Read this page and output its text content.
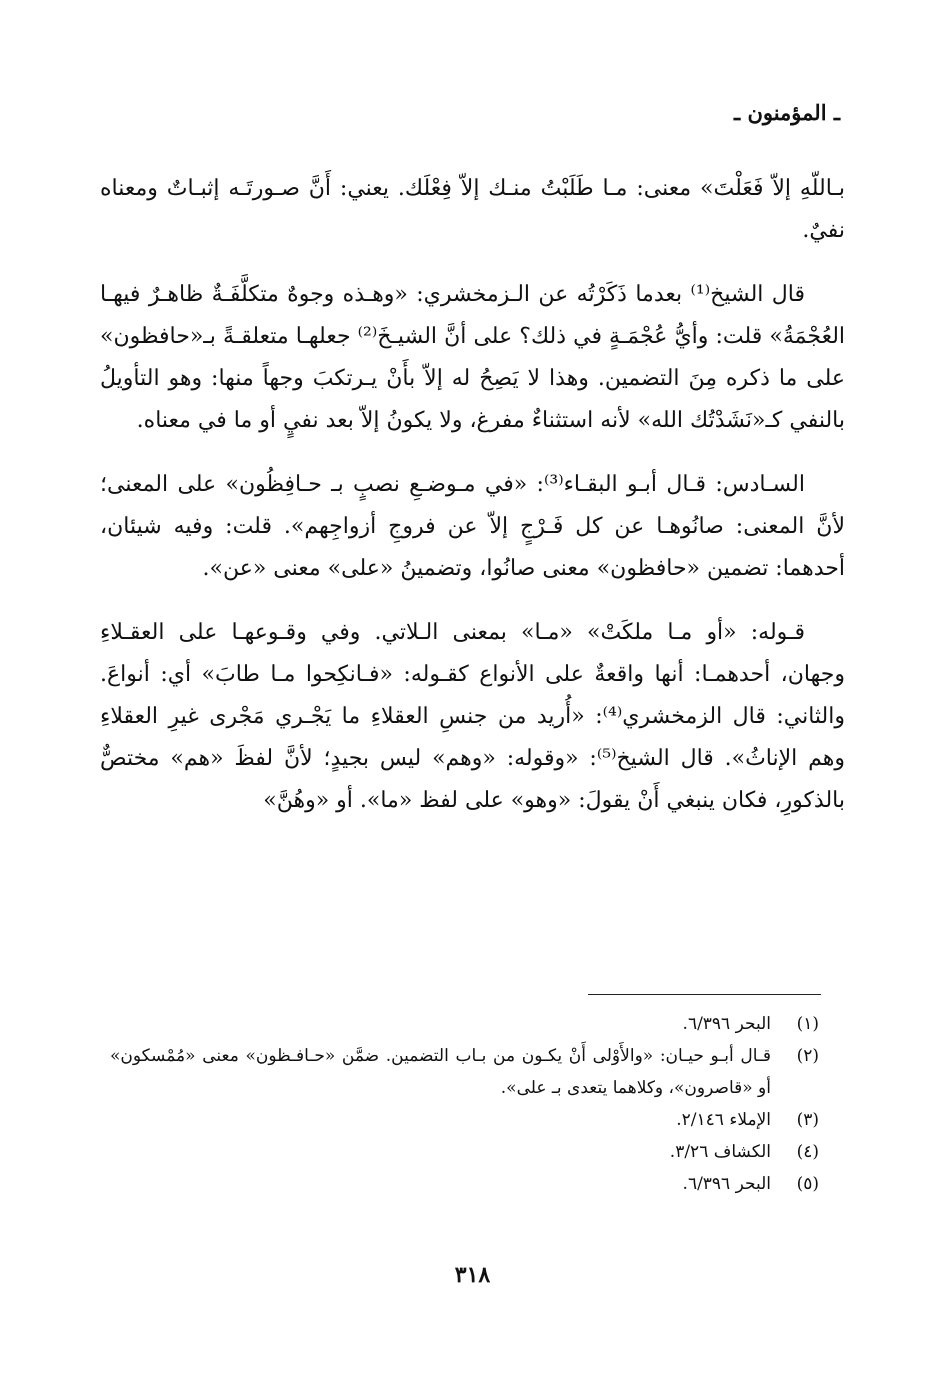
ـ المؤمنون ـ

بـاللّهِ إلاّ فَعَلْتَ» معنى: مـا طَلَبْتُ منـك إلاّ فِعْلَك. يعني: أَنَّ صـورتَـه إثبـاتٌ ومعناه نفيٌ.

قال الشيخ⁽¹⁾ بعدما ذَكَرْتُه عن الـزمخشري: «وهـذه وجوهٌ متكلَّفَـةٌ ظاهـرٌ فيهـا العُجْمَةُ» قلت: وأيُّ عُجْمَـةٍ في ذلك؟ على أنَّ الشيـخَ⁽²⁾ جعلهـا متعلقـةً بـ«حافظون» على ما ذكره مِنَ التضمين. وهذا لا يَصِحُ له إلاّ بأَنْ يـرتكبَ وجهاً منها: وهو التأويلُ بالنفي كـ«نَشَدْتُك الله» لأنه استثناءٌ مفرغ، ولا يكونُ إلاّ بعد نفيٍ أو ما في معناه.

السـادس: قـال أبـو البقـاء⁽³⁾: «في مـوضـعِ نصبٍ بـ حـافِظُون» على المعنى؛ لأنَّ المعنى: صانُوهـا عن كل فَـرْجٍ إلاّ عن فروجِ أزواجِهم». قلت: وفيه شيئان، أحدهما: تضمين «حافظون» معنى صانُوا، وتضمينُ «على» معنى «عن».

قـوله: «أو مـا ملكَتْ» «مـا» بمعنى الـلاتي. وفي وقـوعهـا على العقـلاءِ وجهان، أحدهمـا: أنها واقعةٌ على الأنواع كقـوله: «فـانكِحوا مـا طابَ» أي: أنواعَ. والثاني: قال الزمخشري⁽⁴⁾: «أُريد من جنسِ العقلاءِ ما يَجْـري مَجْرى غيرِ العقلاءِ وهم الإناثُ». قال الشيخ⁽⁵⁾: «وقوله: «وهم» ليس بجيدٍ؛ لأنَّ لفظَ «هم» مختصٌّ بالذكورِ، فكان ينبغي أَنْ يقولَ: «وهو» على لفظ «ما». أو «وهُنَّ»

(١)
البحر ٦/٣٩٦.
(٢)
قـال أبـو حيـان: «والأَوْلى أَنْ يكـون من بـاب التضمين. ضمَّن «حـافـظون» معنى «مُمْسكون» أو «قاصرون»، وكلاهما يتعدى بـ على».
(٣)
الإملاء ٢/١٤٦.
(٤)
الكشاف ٣/٢٦.
(٥)
البحر ٦/٣٩٦.
٣١٨
